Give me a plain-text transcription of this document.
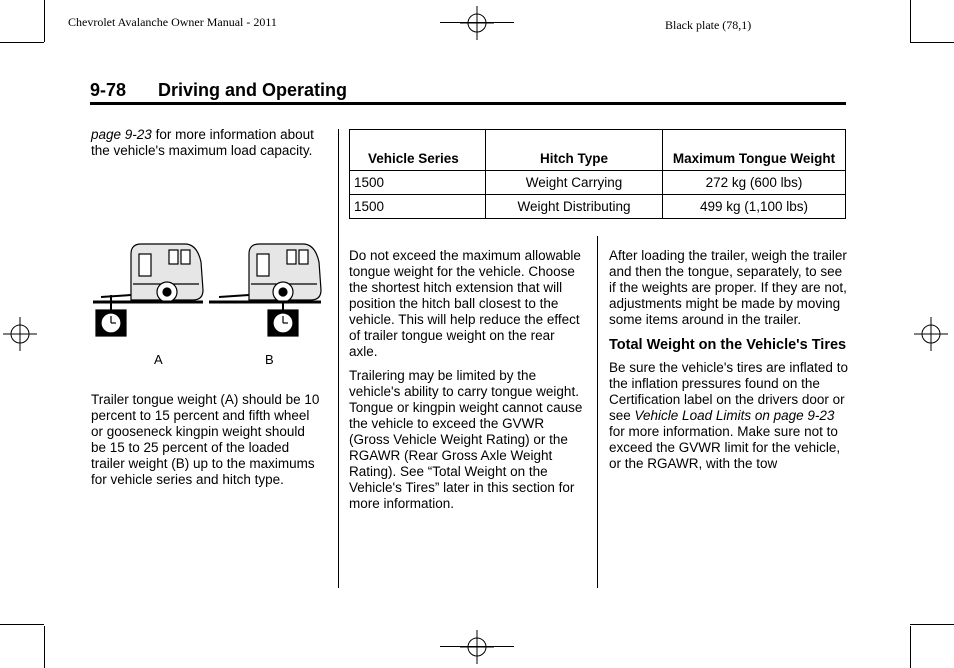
Chevrolet Avalanche Owner Manual - 2011	Black plate (78,1)
9-78 Driving and Operating

page 9-23 for more information about the vehicle's maximum load capacity.

A	B

Trailer tongue weight (A) should be 10 percent to 15 percent and fifth wheel or gooseneck kingpin weight should be 15 to 25 percent of the loaded trailer weight (B) up to the maximums for vehicle series and hitch type.

Vehicle Series	Hitch Type	Maximum Tongue Weight
1500	Weight Carrying	272 kg (600 lbs)
1500	Weight Distributing	499 kg (1,100 lbs)

Do not exceed the maximum allowable tongue weight for the vehicle. Choose the shortest hitch extension that will position the hitch ball closest to the vehicle. This will help reduce the effect of trailer tongue weight on the rear axle.

Trailering may be limited by the vehicle's ability to carry tongue weight. Tongue or kingpin weight cannot cause the vehicle to exceed the GVWR (Gross Vehicle Weight Rating) or the RGAWR (Rear Gross Axle Weight Rating). See “Total Weight on the Vehicle's Tires” later in this section for more information.

After loading the trailer, weigh the trailer and then the tongue, separately, to see if the weights are proper. If they are not, adjustments might be made by moving some items around in the trailer.

Total Weight on the Vehicle's Tires

Be sure the vehicle's tires are inflated to the inflation pressures found on the Certification label on the drivers door or see Vehicle Load Limits on page 9-23 for more information. Make sure not to exceed the GVWR limit for the vehicle, or the RGAWR, with the tow
